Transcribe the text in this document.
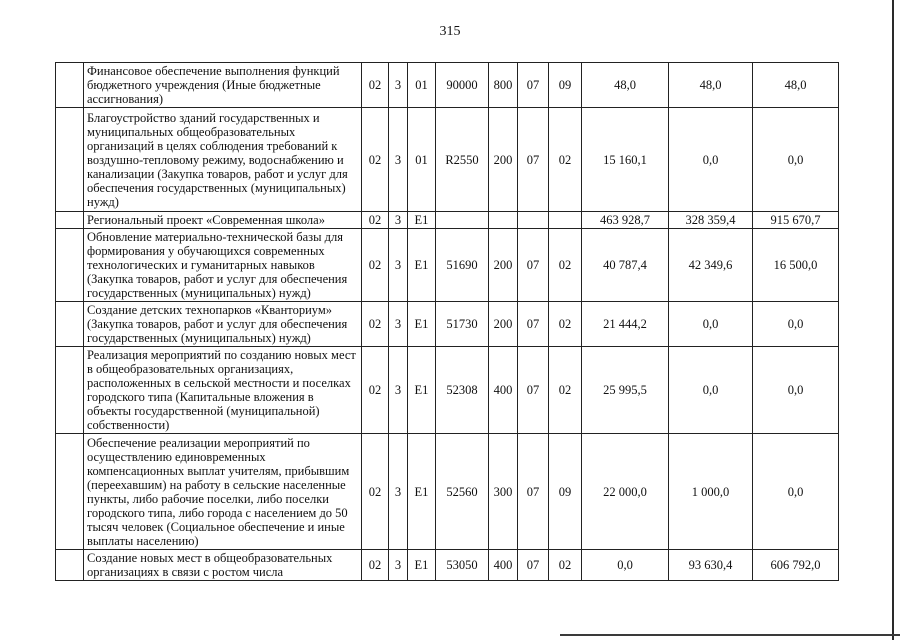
315
	Финансовое обеспечение выполнения функций бюджетного учреждения (Иные бюджетные ассигнования)	02	3	01	90000	800	07	09	48,0	48,0	48,0
	Благоустройство зданий государственных и муниципальных общеобразовательных организаций в целях соблюдения требований к воздушно-тепловому режиму, водоснабжению и канализации (Закупка товаров, работ и услуг для обеспечения государственных (муниципальных) нужд)	02	3	01	R2550	200	07	02	15 160,1	0,0	0,0
	Региональный проект «Современная школа»	02	3	E1					463 928,7	328 359,4	915 670,7
	Обновление материально-технической базы для формирования у обучающихся современных технологических и гуманитарных навыков (Закупка товаров, работ и услуг для обеспечения государственных (муниципальных) нужд)	02	3	E1	51690	200	07	02	40 787,4	42 349,6	16 500,0
	Создание детских технопарков «Кванториум» (Закупка товаров, работ и услуг для обеспечения государственных (муниципальных) нужд)	02	3	E1	51730	200	07	02	21 444,2	0,0	0,0
	Реализация мероприятий по созданию новых мест в общеобразовательных организациях, расположенных в сельской местности и поселках городского типа (Капитальные вложения в объекты государственной (муниципальной) собственности)	02	3	E1	52308	400	07	02	25 995,5	0,0	0,0
	Обеспечение реализации мероприятий по осуществлению единовременных компенсационных выплат учителям, прибывшим (переехавшим) на работу в сельские населенные пункты, либо рабочие поселки, либо поселки городского типа, либо города с населением до 50 тысяч человек (Социальное обеспечение и иные выплаты населению)	02	3	E1	52560	300	07	09	22 000,0	1 000,0	0,0
	Создание новых мест в общеобразовательных организациях в связи с ростом числа	02	3	E1	53050	400	07	02	0,0	93 630,4	606 792,0
